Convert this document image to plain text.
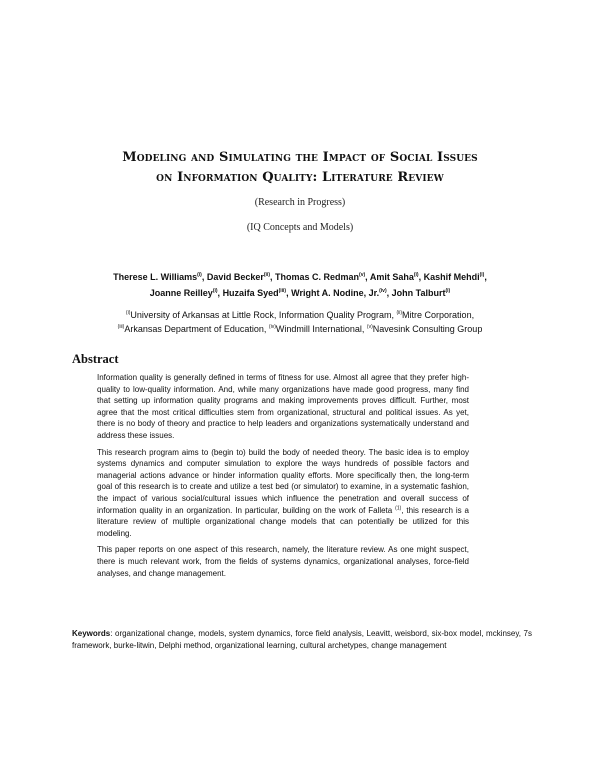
Modeling and Simulating the Impact of Social Issues
on Information Quality: Literature Review
(Research in Progress)
(IQ Concepts and Models)
Therese L. Williams$^{(i)}$, David Becker$^{(ii)}$, Thomas C. Redman$^{(v)}$, Amit Saha$^{(i)}$, Kashif Mehdi$^{(i)}$,
Joanne Reilley$^{(i)}$, Huzaifa Syed$^{(iii)}$, Wright A. Nodine, Jr.$^{(iv)}$, John Talburt$^{(i)}$
$^{(i)}$University of Arkansas at Little Rock, Information Quality Program, $^{(ii)}$Mitre Corporation,
$^{(iii)}$Arkansas Department of Education, $^{(iv)}$Windmill International, $^{(v)}$Navesink Consulting Group
Abstract

Information quality is generally defined in terms of fitness for use. Almost all agree that they prefer high-quality to low-quality information. And, while many organizations have made good progress, many find that setting up information quality programs and making improvements proves difficult. Further, most agree that the most critical difficulties stem from organizational, structural and political issues. As yet, there is no body of theory and practice to help leaders and organizations systematically understand and address these issues.

This research program aims to (begin to) build the body of needed theory. The basic idea is to employ systems dynamics and computer simulation to explore the ways hundreds of possible factors and managerial actions advance or hinder information quality efforts. More specifically then, the long-term goal of this research is to create and utilize a test bed (or simulator) to examine, in a systematic fashion, the impact of various social/cultural issues which influence the penetration and overall success of information quality in an organization. In particular, building on the work of Falleta $^{(1)}$, this research is a literature review of multiple organizational change models that can potentially be utilized for this modeling.

This paper reports on one aspect of this research, namely, the literature review. As one might suspect, there is much relevant work, from the fields of systems dynamics, organizational analyses, force-field analyses, and change management.

Keywords: organizational change, models, system dynamics, force field analysis, Leavitt, weisbord, six-box model, mckinsey, 7s framework, burke-litwin, Delphi method, organizational learning, cultural archetypes, change management
